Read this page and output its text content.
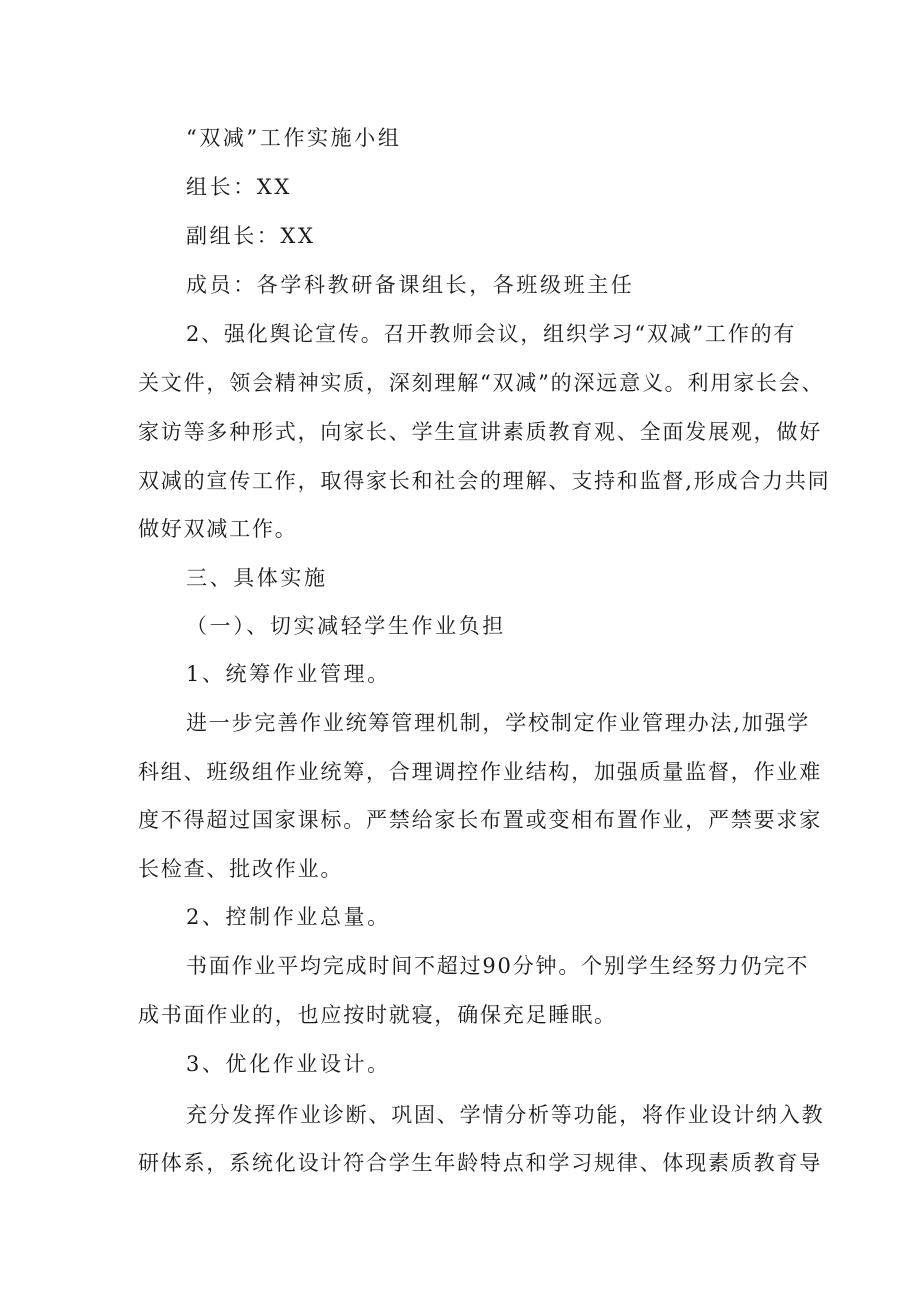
“双减”工作实施小组
组长：XX
副组长：XX
成员：各学科教研备课组长，各班级班主任
2、强化舆论宣传。召开教师会议，组织学习“双减”工作的有
关文件，领会精神实质，深刻理解“双减”的深远意义。利用家长会、
家访等多种形式，向家长、学生宣讲素质教育观、全面发展观，做好
双减的宣传工作，取得家长和社会的理解、支持和监督,形成合力共同
做好双减工作。
三、具体实施
（一）、切实减轻学生作业负担
1、统筹作业管理。
进一步完善作业统筹管理机制，学校制定作业管理办法,加强学
科组、班级组作业统筹，合理调控作业结构，加强质量监督，作业难
度不得超过国家课标。严禁给家长布置或变相布置作业，严禁要求家
长检查、批改作业。
2、控制作业总量。
书面作业平均完成时间不超过90分钟。个别学生经努力仍完不
成书面作业的，也应按时就寝，确保充足睡眠。
3、优化作业设计。
充分发挥作业诊断、巩固、学情分析等功能，将作业设计纳入教
研体系，系统化设计符合学生年龄特点和学习规律、体现素质教育导
